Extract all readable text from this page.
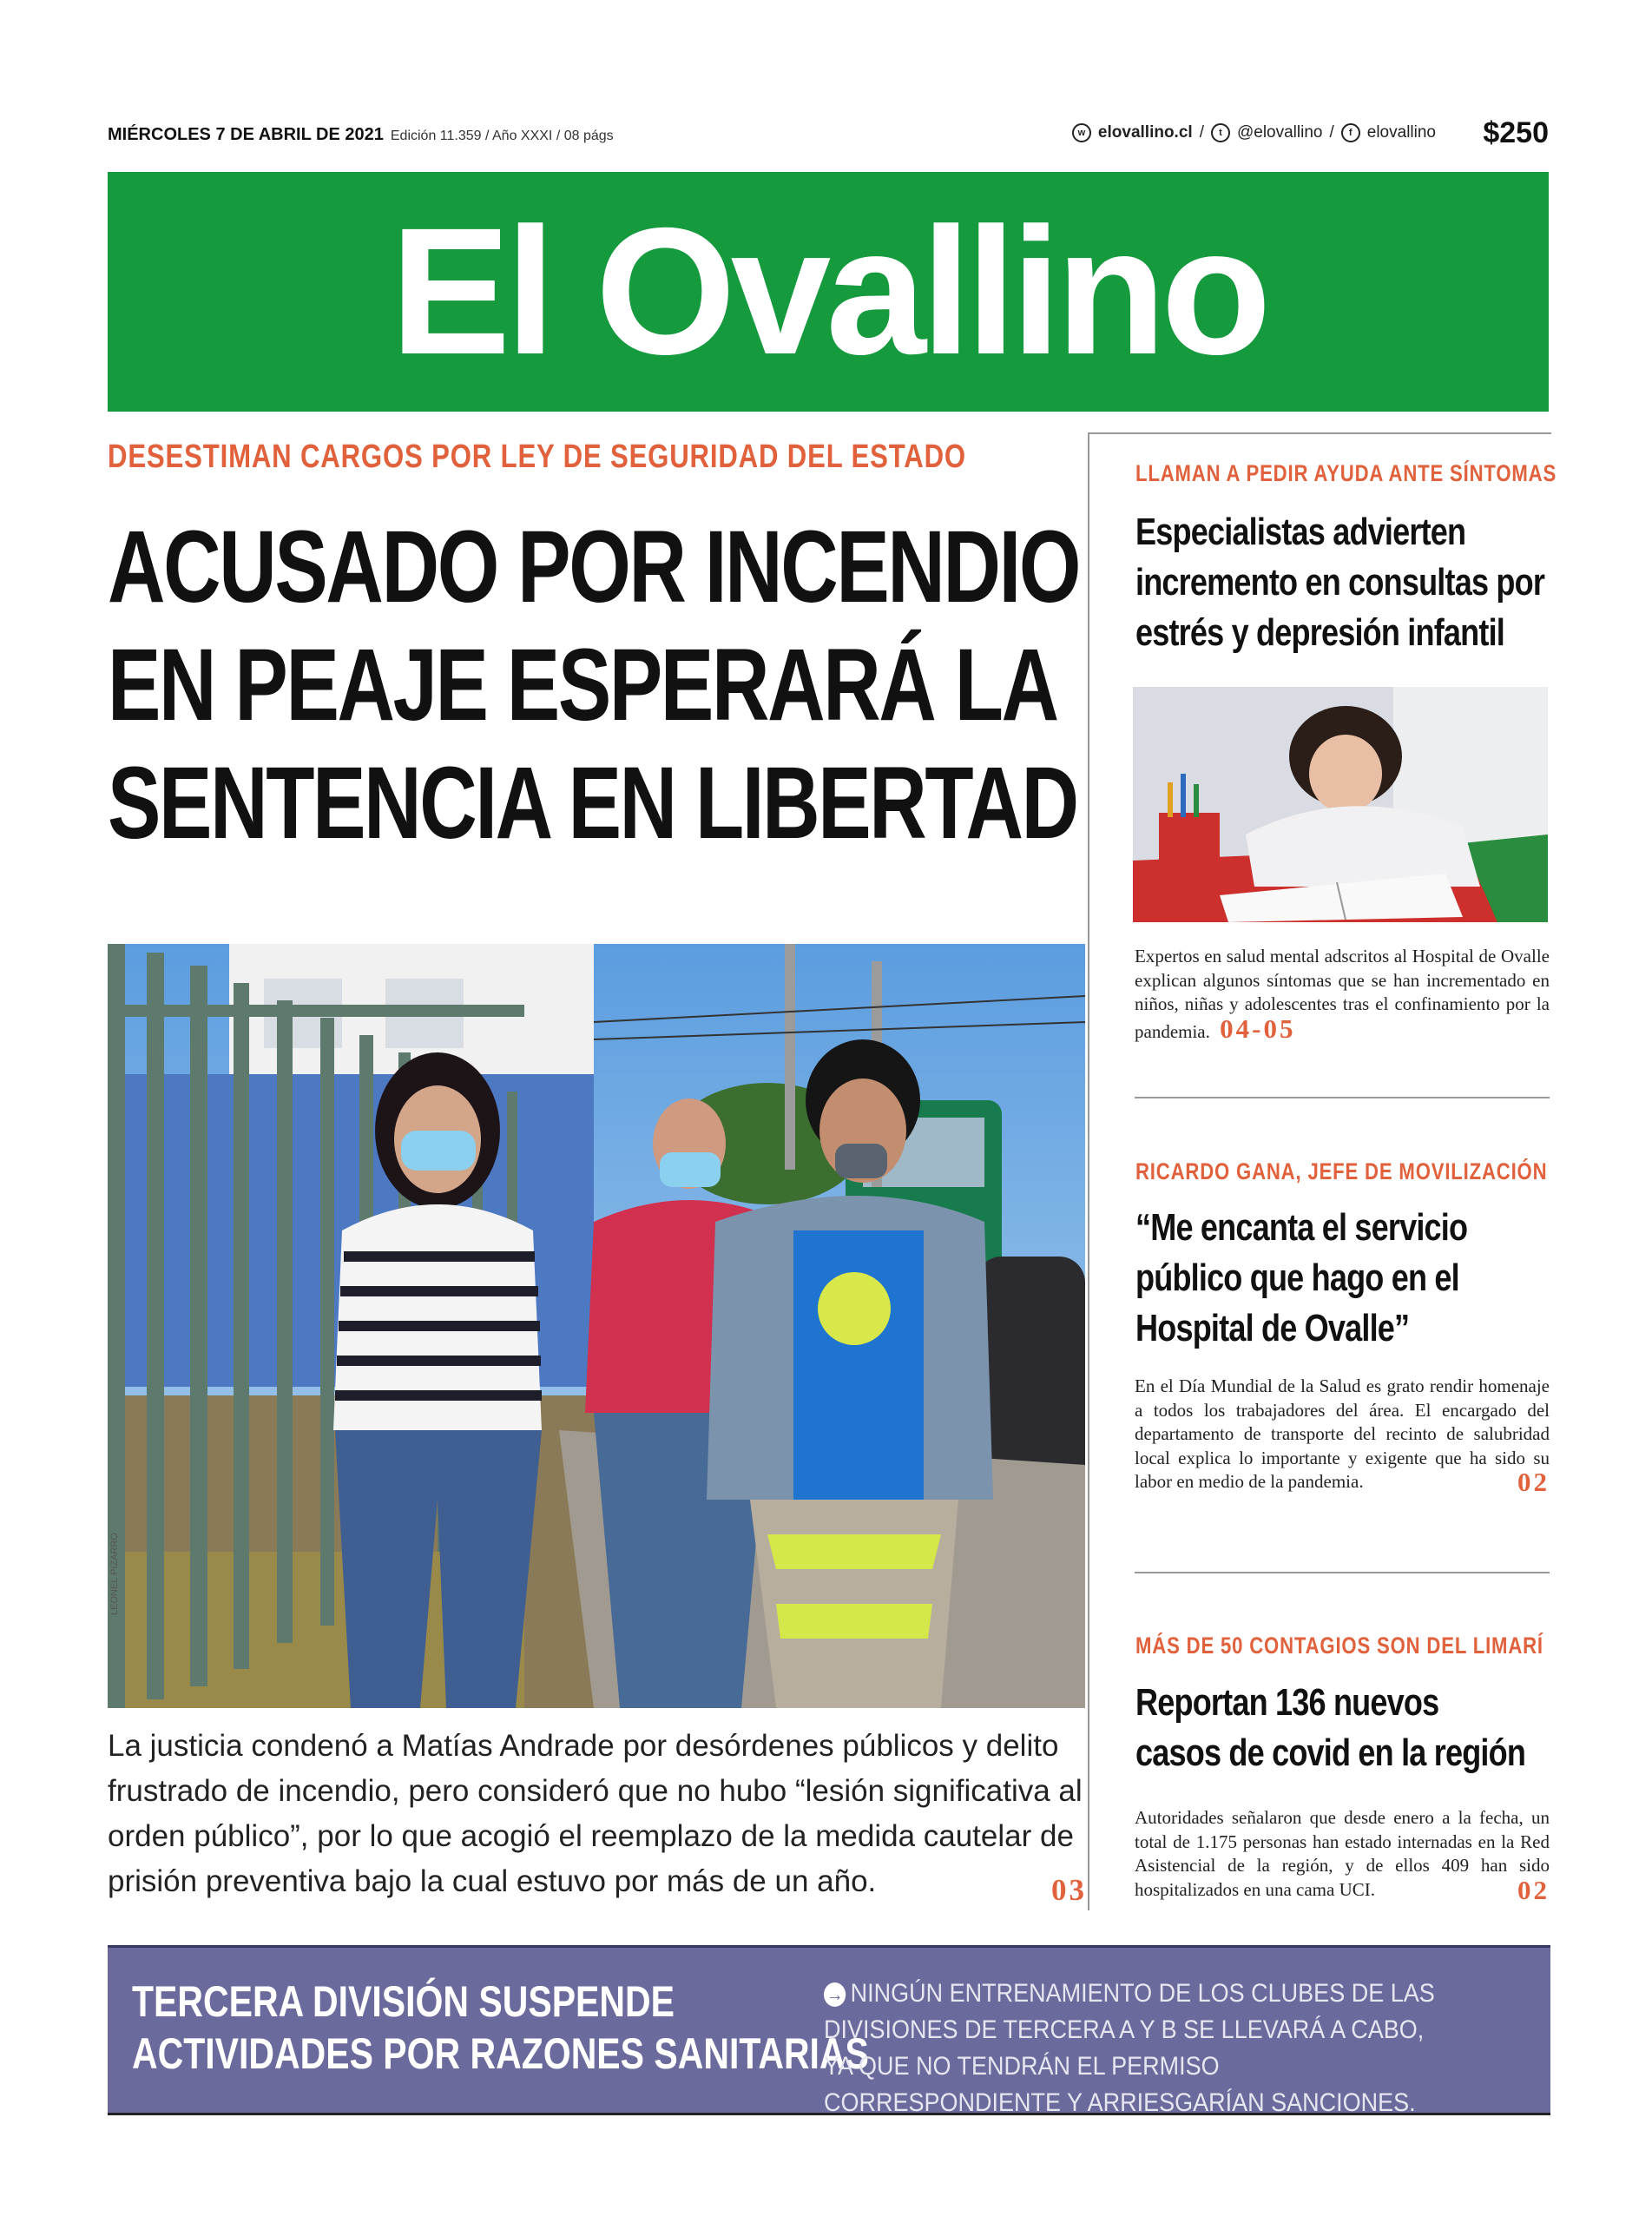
MIÉRCOLES 7 DE ABRIL DE 2021 Edición 11.359 / Año XXXI / 08 págs	w elovallino.cl /	t @elovallino /	f elovallino $250
El Ovallino
DESESTIMAN CARGOS POR LEY DE SEGURIDAD DEL ESTADO
ACUSADO POR INCENDIO
EN PEAJE ESPERARÁ LA
SENTENCIA EN LIBERTAD
LEONEL PIZARRO
La justicia condenó a Matías Andrade por desórdenes públicos y delito frustrado de incendio, pero consideró que no hubo “lesión significativa al orden público”, por lo que acogió el reemplazo de la medida cautelar de prisión preventiva bajo la cual estuvo por más de un año.	03
LLAMAN A PEDIR AYUDA ANTE SÍNTOMAS
Especialistas advierten
incremento en consultas por
estrés y depresión infantil
Expertos en salud mental adscritos al Hospital de Ovalle explican algunos síntomas que se han incrementado en niños, niñas y adolescentes tras el confinamiento por la pandemia. 04-05
RICARDO GANA, JEFE DE MOVILIZACIÓN
“Me encanta el servicio
público que hago en el
Hospital de Ovalle”
En el Día Mundial de la Salud es grato rendir homenaje a todos los trabajadores del área. El encargado del departamento de transporte del recinto de salubridad local explica lo importante y exigente que ha sido su labor en medio de la pandemia.	02
MÁS DE 50 CONTAGIOS SON DEL LIMARÍ
Reportan 136 nuevos
casos de covid en la región
Autoridades señalaron que desde enero a la fecha, un total de 1.175 personas han estado internadas en la Red Asistencial de la región, y de ellos 409 han sido hospitalizados en una cama UCI.	02
TERCERA DIVISIÓN SUSPENDE
ACTIVIDADES POR RAZONES SANITARIAS
→ NINGÚN ENTRENAMIENTO DE LOS CLUBES DE LAS DIVISIONES DE TERCERA A Y B SE LLEVARÁ A CABO, YA QUE NO TENDRÁN EL PERMISO CORRESPONDIENTE Y ARRIESGARÍAN SANCIONES. 08
